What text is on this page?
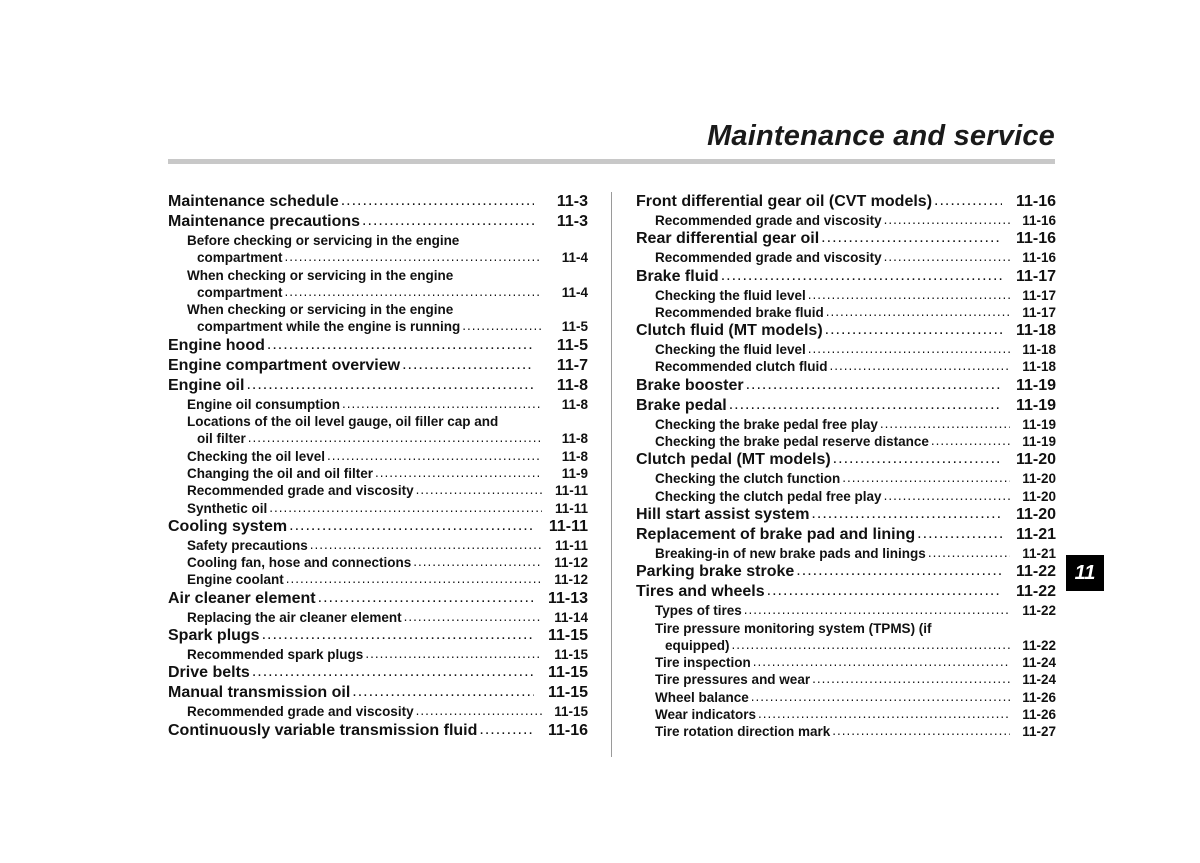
Maintenance and service
Maintenance schedule .....	11-3
Maintenance precautions .....	11-3
Before checking or servicing in the engine
compartment .....	11-4
When checking or servicing in the engine
compartment .....	11-4
When checking or servicing in the engine
compartment while the engine is running .....	11-5
Engine hood .....	11-5
Engine compartment overview .....	11-7
Engine oil .....	11-8
Engine oil consumption .....	11-8
Locations of the oil level gauge, oil filler cap and
oil filter .....	11-8
Checking the oil level .....	11-8
Changing the oil and oil filter .....	11-9
Recommended grade and viscosity .....	11-11
Synthetic oil .....	11-11
Cooling system .....	11-11
Safety precautions .....	11-11
Cooling fan, hose and connections .....	11-12
Engine coolant .....	11-12
Air cleaner element .....	11-13
Replacing the air cleaner element .....	11-14
Spark plugs .....	11-15
Recommended spark plugs .....	11-15
Drive belts .....	11-15
Manual transmission oil .....	11-15
Recommended grade and viscosity .....	11-15
Continuously variable transmission fluid .....	11-16
Front differential gear oil (CVT models) .....	11-16
Recommended grade and viscosity .....	11-16
Rear differential gear oil .....	11-16
Recommended grade and viscosity .....	11-16
Brake fluid .....	11-17
Checking the fluid level .....	11-17
Recommended brake fluid .....	11-17
Clutch fluid (MT models) .....	11-18
Checking the fluid level .....	11-18
Recommended clutch fluid .....	11-18
Brake booster .....	11-19
Brake pedal .....	11-19
Checking the brake pedal free play .....	11-19
Checking the brake pedal reserve distance .....	11-19
Clutch pedal (MT models) .....	11-20
Checking the clutch function .....	11-20
Checking the clutch pedal free play .....	11-20
Hill start assist system .....	11-20
Replacement of brake pad and lining .....	11-21
Breaking-in of new brake pads and linings .....	11-21
Parking brake stroke .....	11-22
Tires and wheels .....	11-22
Types of tires .....	11-22
Tire pressure monitoring system (TPMS) (if
equipped) .....	11-22
Tire inspection .....	11-24
Tire pressures and wear .....	11-24
Wheel balance .....	11-26
Wear indicators .....	11-26
Tire rotation direction mark .....	11-27
11
